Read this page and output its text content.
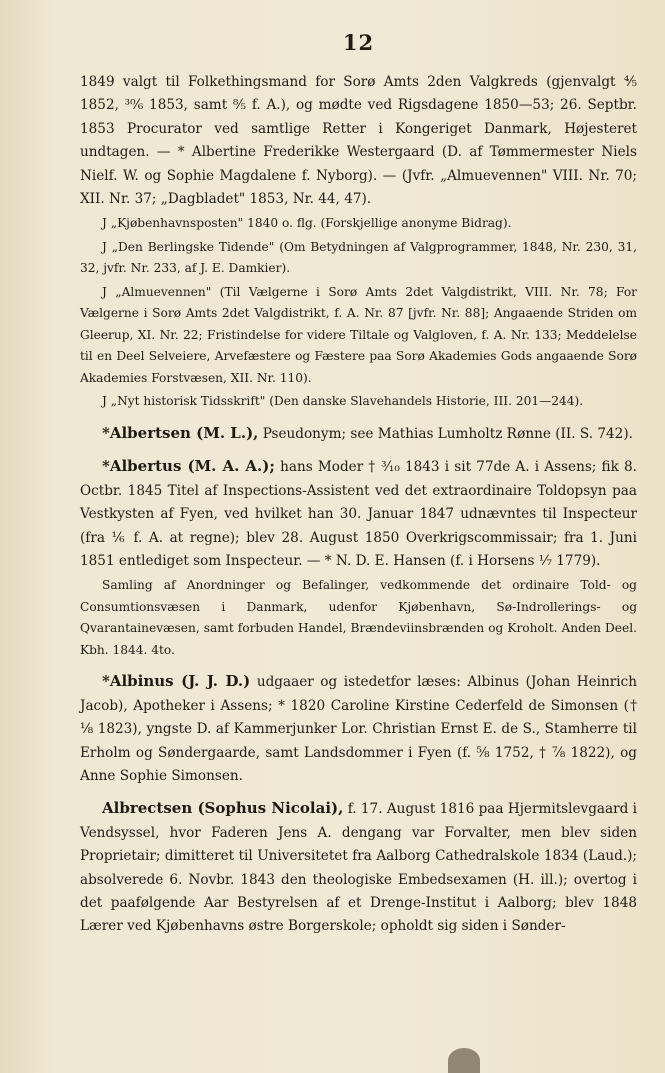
12

1849 valgt til Folkethingsmand for Sorø Amts 2den Valgkreds (gjenvalgt ⅘ 1852, ³⁰⁄₆ 1853, samt ⁸⁄₅ f. A.), og mødte ved Rigsdagene 1850—53; 26. Septbr. 1853 Procurator ved samtlige Retter i Kongeriget Danmark, Højesteret undtagen. — * Albertine Frederikke Westergaard (D. af Tømmermester Niels Nielf. W. og Sophie Magdalene f. Nyborg). — (Jvfr. „Almuevennen" VIII. Nr. 70; XII. Nr. 37; „Dagbladet" 1853, Nr. 44, 47).

J „Kjøbenhavnsposten" 1840 o. flg. (Forskjellige anonyme Bidrag).

J „Den Berlingske Tidende" (Om Betydningen af Valgprogrammer, 1848, Nr. 230, 31, 32, jvfr. Nr. 233, af J. E. Damkier).

J „Almuevennen" (Til Vælgerne i Sorø Amts 2det Valgdistrikt, VIII. Nr. 78; For Vælgerne i Sorø Amts 2det Valgdistrikt, f. A. Nr. 87 [jvfr. Nr. 88]; Angaaende Striden om Gleerup, XI. Nr. 22; Fristindelse for videre Tiltale og Valgloven, f. A. Nr. 133; Meddelelse til en Deel Selveiere, Arvefæstere og Fæstere paa Sorø Akademies Gods angaaende Sorø Akademies Forstvæsen, XII. Nr. 110).

J „Nyt historisk Tidsskrift" (Den danske Slavehandels Historie, III. 201—244).

*Albertsen (M. L.), Pseudonym; see Mathias Lumholtz Rønne (II. S. 742).

*Albertus (M. A. A.); hans Moder † ³⁄₁₀ 1843 i sit 77de A. i Assens; fik 8. Octbr. 1845 Titel af Inspections-Assistent ved det extraordinaire Toldopsyn paa Vestkysten af Fyen, ved hvilket han 30. Januar 1847 udnævntes til Inspecteur (fra ⅙ f. A. at regne); blev 28. August 1850 Overkrigscommissair; fra 1. Juni 1851 entlediget som Inspecteur. — * N. D. E. Hansen (f. i Horsens ¹⁄₇ 1779).

Samling af Anordninger og Befalinger, vedkommende det ordinaire Told- og Consumtionsvæsen i Danmark, udenfor Kjøbenhavn, Sø-Indrollerings- og Qvarantainevæsen, samt forbuden Handel, Brændeviinsbrænden og Kroholt. Anden Deel. Kbh. 1844. 4to.

*Albinus (J. J. D.) udgaaer og istedetfor læses: Albinus (Johan Heinrich Jacob), Apotheker i Assens; * 1820 Caroline Kirstine Cederfeld de Simonsen († ⅛ 1823), yngste D. af Kammerjunker Lor. Christian Ernst E. de S., Stamherre til Erholm og Søndergaarde, samt Landsdommer i Fyen (f. ⅝ 1752, † ⅞ 1822), og Anne Sophie Simonsen.

Albrectsen (Sophus Nicolai), f. 17. August 1816 paa Hjermitslevgaard i Vendsyssel, hvor Faderen Jens A. dengang var Forvalter, men blev siden Proprietair; dimitteret til Universitetet fra Aalborg Cathedralskole 1834 (Laud.); absolverede 6. Novbr. 1843 den theologiske Embedsexamen (H. ill.); overtog i det paafølgende Aar Bestyrelsen af et Drenge-Institut i Aalborg; blev 1848 Lærer ved Kjøbenhavns østre Borgerskole; opholdt sig siden i Sønder-
